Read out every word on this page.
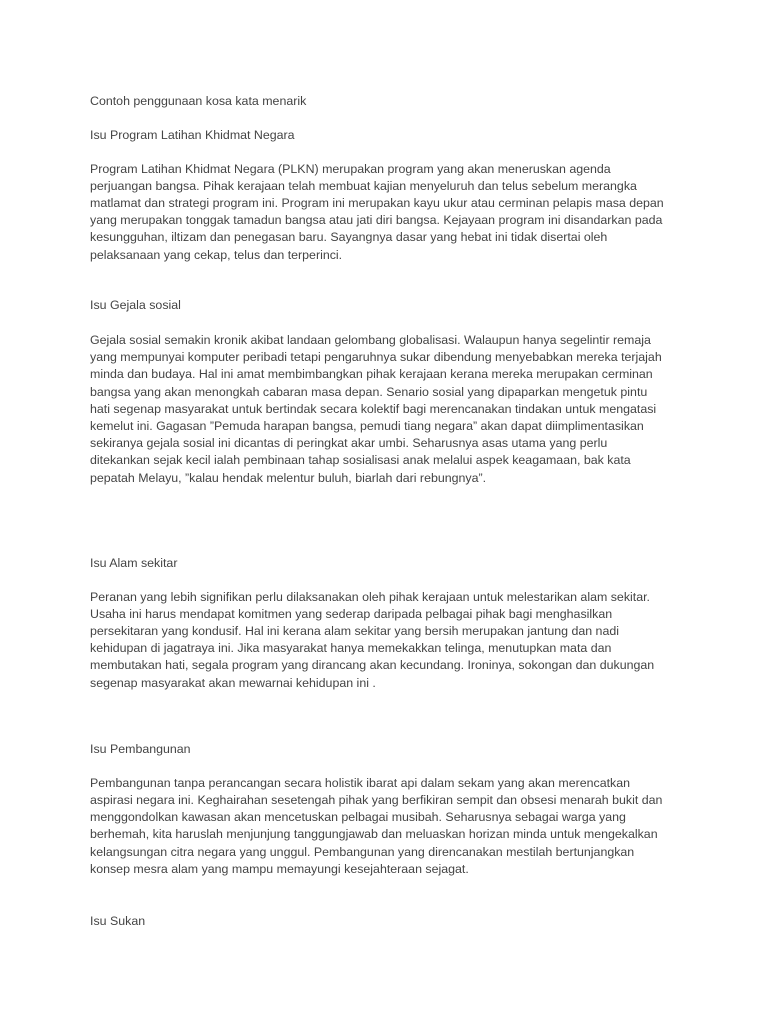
Contoh penggunaan kosa kata menarik
Isu Program Latihan Khidmat Negara
Program Latihan Khidmat Negara (PLKN) merupakan program yang akan meneruskan agenda
perjuangan bangsa. Pihak kerajaan telah membuat kajian menyeluruh dan telus sebelum merangka
matlamat dan strategi program ini. Program ini merupakan kayu ukur atau cerminan pelapis masa depan
yang merupakan tonggak tamadun bangsa atau jati diri bangsa. Kejayaan program ini disandarkan pada
kesungguhan, iltizam dan penegasan baru. Sayangnya dasar yang hebat ini tidak disertai oleh
pelaksanaan yang cekap, telus dan terperinci.
Isu Gejala sosial
Gejala sosial semakin kronik akibat landaan gelombang globalisasi. Walaupun hanya segelintir remaja
yang mempunyai komputer peribadi tetapi pengaruhnya sukar dibendung menyebabkan mereka terjajah
minda dan budaya. Hal ini amat membimbangkan pihak kerajaan kerana mereka merupakan cerminan
bangsa yang akan menongkah cabaran masa depan. Senario sosial yang dipaparkan mengetuk pintu
hati segenap masyarakat untuk bertindak secara kolektif bagi merencanakan tindakan untuk mengatasi
kemelut ini. Gagasan ”Pemuda harapan bangsa, pemudi tiang negara” akan dapat diimplimentasikan
sekiranya gejala sosial ini dicantas di peringkat akar umbi. Seharusnya asas utama yang perlu
ditekankan sejak kecil ialah pembinaan tahap sosialisasi anak melalui aspek keagamaan, bak kata
pepatah Melayu, ”kalau hendak melentur buluh, biarlah dari rebungnya”.
Isu Alam sekitar
Peranan yang lebih signifikan perlu dilaksanakan oleh pihak kerajaan untuk melestarikan alam sekitar.
Usaha ini harus mendapat komitmen yang sederap daripada pelbagai pihak bagi menghasilkan
persekitaran yang kondusif. Hal ini kerana alam sekitar yang bersih merupakan jantung dan nadi
kehidupan di jagatraya ini. Jika masyarakat hanya memekakkan telinga, menutupkan mata dan
membutakan hati, segala program yang dirancang akan kecundang. Ironinya, sokongan dan dukungan
segenap masyarakat akan mewarnai kehidupan ini .
Isu Pembangunan
Pembangunan tanpa perancangan secara holistik ibarat api dalam sekam yang akan merencatkan
aspirasi negara ini. Keghairahan sesetengah pihak yang berfikiran sempit dan obsesi menarah bukit dan
menggondolkan kawasan akan mencetuskan pelbagai musibah. Seharusnya sebagai warga yang
berhemah, kita haruslah menjunjung tanggungjawab dan meluaskan horizan minda untuk mengekalkan
kelangsungan citra negara yang unggul. Pembangunan yang direncanakan mestilah bertunjangkan
konsep mesra alam yang mampu memayungi kesejahteraan sejagat.
Isu Sukan
